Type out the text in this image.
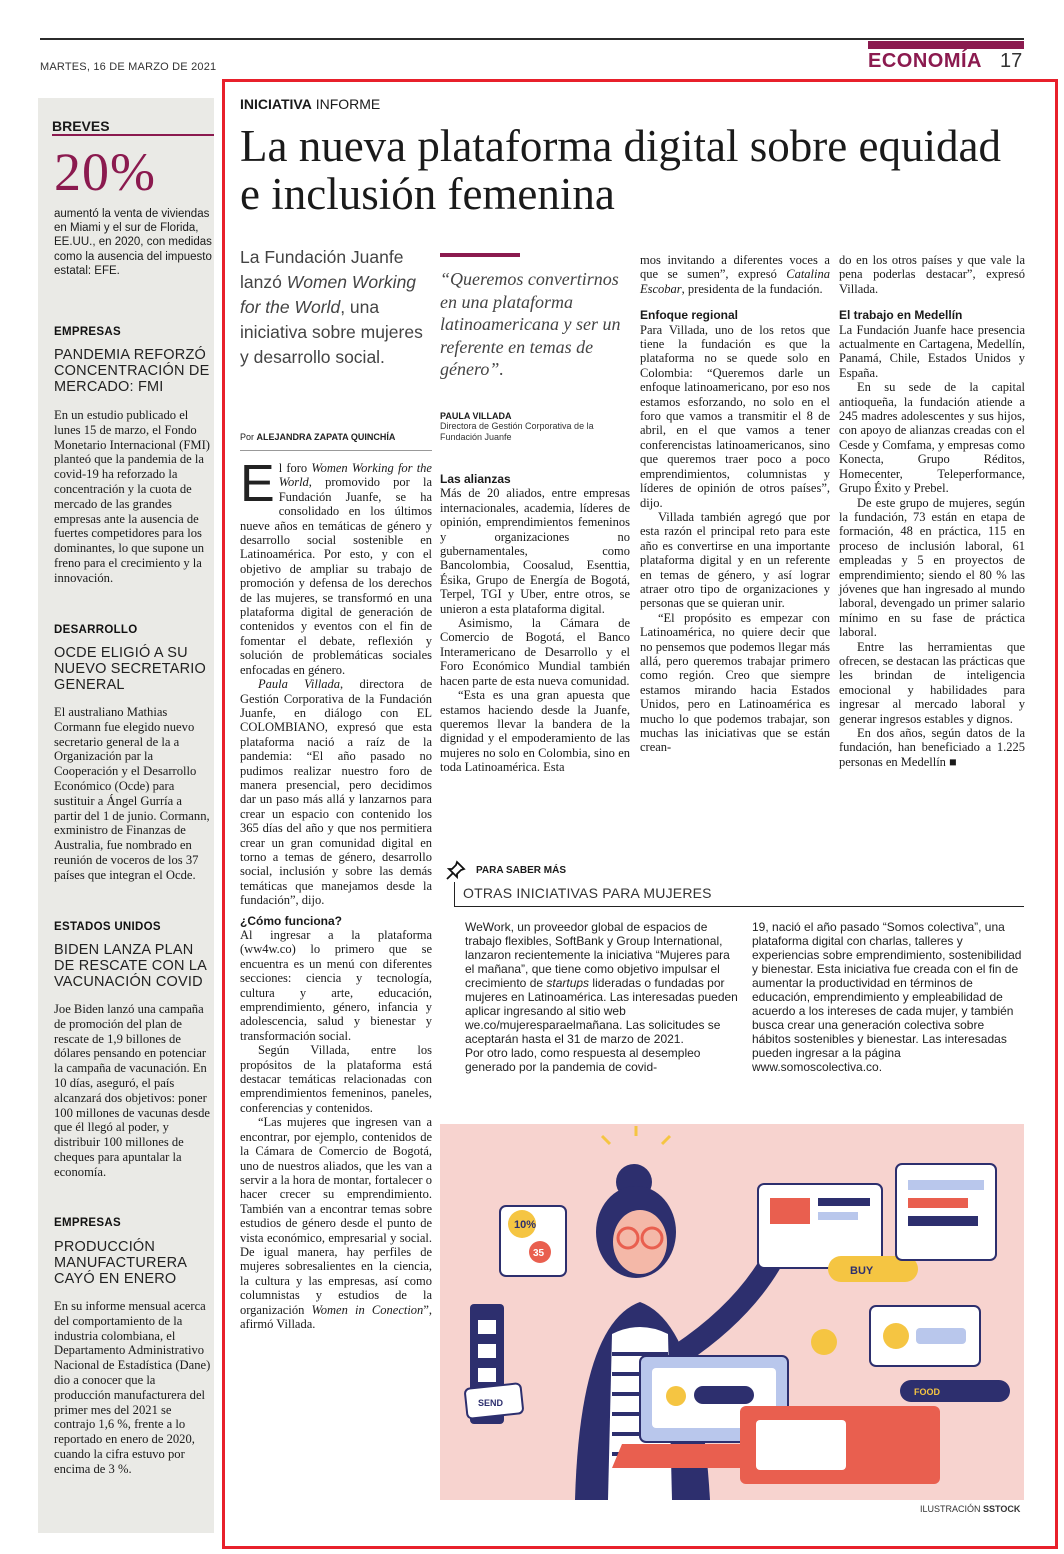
MARTES, 16 DE MARZO DE 2021	ECONOMÍA 17
BREVES
20%
aumentó la venta de viviendas en Miami y el sur de Florida, EE.UU., en 2020, con medidas como la ausencia del impuesto estatal: EFE.
EMPRESAS
PANDEMIA REFORZÓ CONCENTRACIÓN DE MERCADO: FMI
En un estudio publicado el lunes 15 de marzo, el Fondo Monetario Internacional (FMI) planteó que la pandemia de la covid-19 ha reforzado la concentración y la cuota de mercado de las grandes empresas ante la ausencia de fuertes competidores para los dominantes, lo que supone un freno para el crecimiento y la innovación.
DESARROLLO
OCDE ELIGIÓ A SU NUEVO SECRETARIO GENERAL
El australiano Mathias Cormann fue elegido nuevo secretario general de la a Organización par la Cooperación y el Desarrollo Económico (Ocde) para sustituir a Ángel Gurría a partir del 1 de junio. Cormann, exministro de Finanzas de Australia, fue nombrado en reunión de voceros de los 37 países que integran el Ocde.
ESTADOS UNIDOS
BIDEN LANZA PLAN DE RESCATE CON LA VACUNACIÓN COVID
Joe Biden lanzó una campaña de promoción del plan de rescate de 1,9 billones de dólares pensando en potenciar la campaña de vacunación. En 10 días, aseguró, el país alcanzará dos objetivos: poner 100 millones de vacunas desde que él llegó al poder, y distribuir 100 millones de cheques para apuntalar la economía.
EMPRESAS
PRODUCCIÓN MANUFACTURERA CAYÓ EN ENERO
En su informe mensual acerca del comportamiento de la industria colombiana, el Departamento Administrativo Nacional de Estadística (Dane) dio a conocer que la producción manufacturera del primer mes del 2021 se contrajo 1,6 %, frente a lo reportado en enero de 2020, cuando la cifra estuvo por encima de 3 %.
INICIATIVA INFORME
La nueva plataforma digital sobre equidad e inclusión femenina
La Fundación Juanfe lanzó Women Working for the World, una iniciativa sobre mujeres y desarrollo social.
Por ALEJANDRA ZAPATA QUINCHÍA

El foro Women Working for the World, promovido por la Fundación Juanfe, se ha consolidado en los últimos nueve años en temáticas de género y desarrollo social sostenible en Latinoamérica. Por esto, y con el objetivo de ampliar su trabajo de promoción y defensa de los derechos de las mujeres, se transformó en una plataforma digital de generación de contenidos y eventos con el fin de fomentar el debate, reflexión y solución de problemáticas sociales enfocadas en género.

Paula Villada, directora de Gestión Corporativa de la Fundación Juanfe, en diálogo con EL COLOMBIANO, expresó que esta plataforma nació a raíz de la pandemia: “El año pasado no pudimos realizar nuestro foro de manera presencial, pero decidimos dar un paso más allá y lanzarnos para crear un espacio con contenido los 365 días del año y que nos permitiera crear un gran comunidad digital en torno a temas de género, desarrollo social, inclusión y sobre las demás temáticas que manejamos desde la fundación”, dijo.

¿Cómo funciona?

Al ingresar a la plataforma (ww4w.co) lo primero que se encuentra es un menú con diferentes secciones: ciencia y tecnología, cultura y arte, educación, emprendimiento, género, infancia y adolescencia, salud y bienestar y transformación social.

Según Villada, entre los propósitos de la plataforma está destacar temáticas relacionadas con emprendimientos femeninos, paneles, conferencias y contenidos.

“Las mujeres que ingresen van a encontrar, por ejemplo, contenidos de la Cámara de Comercio de Bogotá, uno de nuestros aliados, que les van a servir a la hora de montar, fortalecer o hacer crecer su emprendimiento. También van a encontrar temas sobre estudios de género desde el punto de vista económico, empresarial y social. De igual manera, hay perfiles de mujeres sobresalientes en la ciencia, la cultura y las empresas, así como columnistas y estudios de la organización Women in Conection”, afirmó Villada.

“Queremos convertirnos en una plataforma latinoamericana y ser un referente en temas de género”.
PAULA VILLADA
Directora de Gestión Corporativa de la Fundación Juanfe
Las alianzas

Más de 20 aliados, entre empresas internacionales, academia, líderes de opinión, emprendimientos femeninos y organizaciones no gubernamentales, como Bancolombia, Coosalud, Esenttia, Ésika, Grupo de Energía de Bogotá, Terpel, TGI y Uber, entre otros, se unieron a esta plataforma digital.

Asimismo, la Cámara de Comercio de Bogotá, el Banco Interamericano de Desarrollo y el Foro Económico Mundial también hacen parte de esta nueva comunidad.

“Esta es una gran apuesta que estamos haciendo desde la Juanfe, queremos llevar la bandera de la dignidad y el empoderamiento de las mujeres no solo en Colombia, sino en toda Latinoamérica. Esta

mos invitando a diferentes voces a que se sumen”, expresó Catalina Escobar, presidenta de la fundación.

Enfoque regional

Para Villada, uno de los retos que tiene la fundación es que la plataforma no se quede solo en Colombia: “Queremos darle un enfoque latinoamericano, por eso nos estamos esforzando, no solo en el foro que vamos a transmitir el 8 de abril, en el que vamos a tener conferencistas latinoamericanos, sino que queremos traer poco a poco emprendimientos, columnistas y líderes de opinión de otros países”, dijo.

Villada también agregó que por esta razón el principal reto para este año es convertirse en una importante plataforma digital y en un referente en temas de género, y así lograr atraer otro tipo de organizaciones y personas que se quieran unir.

“El propósito es empezar con Latinoamérica, no quiere decir que no pensemos que podemos llegar más allá, pero queremos trabajar primero como región. Creo que siempre estamos mirando hacia Estados Unidos, pero en Latinoamérica es mucho lo que podemos trabajar, son muchas las iniciativas que se están crean-

do en los otros países y que vale la pena poderlas destacar”, expresó Villada.

El trabajo en Medellín

La Fundación Juanfe hace presencia actualmente en Cartagena, Medellín, Panamá, Chile, Estados Unidos y España.

En su sede de la capital antioqueña, la fundación atiende a 245 madres adolescentes y sus hijos, con apoyo de alianzas creadas con el Cesde y Comfama, y empresas como Konecta, Grupo Réditos, Homecenter, Teleperformance, Grupo Éxito y Prebel.

De este grupo de mujeres, según la fundación, 73 están en etapa de formación, 48 en práctica, 115 en proceso de inclusión laboral, 61 empleadas y 5 en proyectos de emprendimiento; siendo el 80 % las jóvenes que han ingresado al mundo laboral, devengado un primer salario mínimo en su fase de práctica laboral.

Entre las herramientas que ofrecen, se destacan las prácticas que les brindan de inteligencia emocional y habilidades para ingresar al mercado laboral y generar ingresos estables y dignos.

En dos años, según datos de la fundación, han beneficiado a 1.225 personas en Medellín ■

PARA SABER MÁS
OTRAS INICIATIVAS PARA MUJERES
WeWork, un proveedor global de espacios de trabajo flexibles, SoftBank y Group International, lanzaron recientemente la iniciativa “Mujeres para el mañana”, que tiene como objetivo impulsar el crecimiento de startups lideradas o fundadas por mujeres en Latinoamérica. Las interesadas pueden aplicar ingresando al sitio web we.co/mujeresparaelmañana. Las solicitudes se aceptarán hasta el 31 de marzo de 2021.
Por otro lado, como respuesta al desempleo generado por la pandemia de covid-
19, nació el año pasado “Somos colectiva”, una plataforma digital con charlas, talleres y experiencias sobre emprendimiento, sostenibilidad y bienestar. Esta iniciativa fue creada con el fin de aumentar la productividad en términos de educación, emprendimiento y empleabilidad de acuerdo a los intereses de cada mujer, y también busca crear una generación colectiva sobre hábitos sostenibles y bienestar. Las interesadas pueden ingresar a la página www.somoscolectiva.co.
10%
35
SEND
BUY
FOOD
ILUSTRACIÓN SSTOCK
